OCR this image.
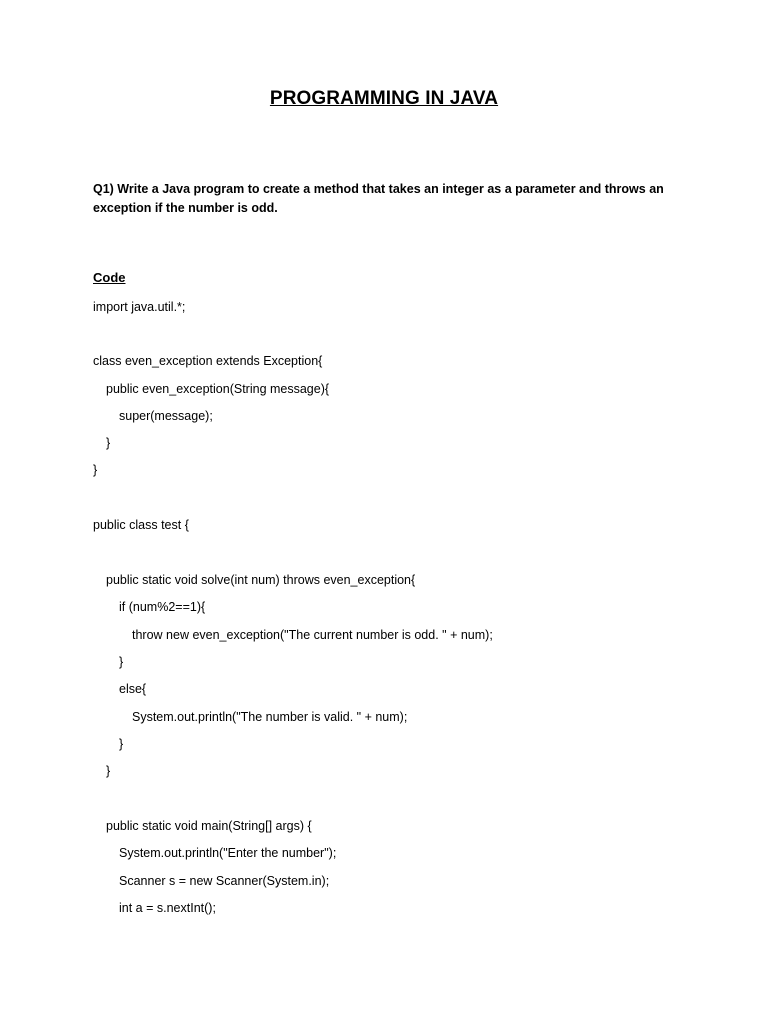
PROGRAMMING IN JAVA
Q1) Write a Java program to create a method that takes an integer as a parameter and throws an exception if the number is odd.
Code
import java.util.*;
class even_exception extends Exception{
public even_exception(String message){
super(message);
}
}
public class test {
public static void solve(int num) throws even_exception{
if (num%2==1){
throw new even_exception("The current number is odd. " + num);
}
else{
System.out.println("The number is valid. " + num);
}
}
public static void main(String[] args) {
System.out.println("Enter the number");
Scanner s = new Scanner(System.in);
int a = s.nextInt();
